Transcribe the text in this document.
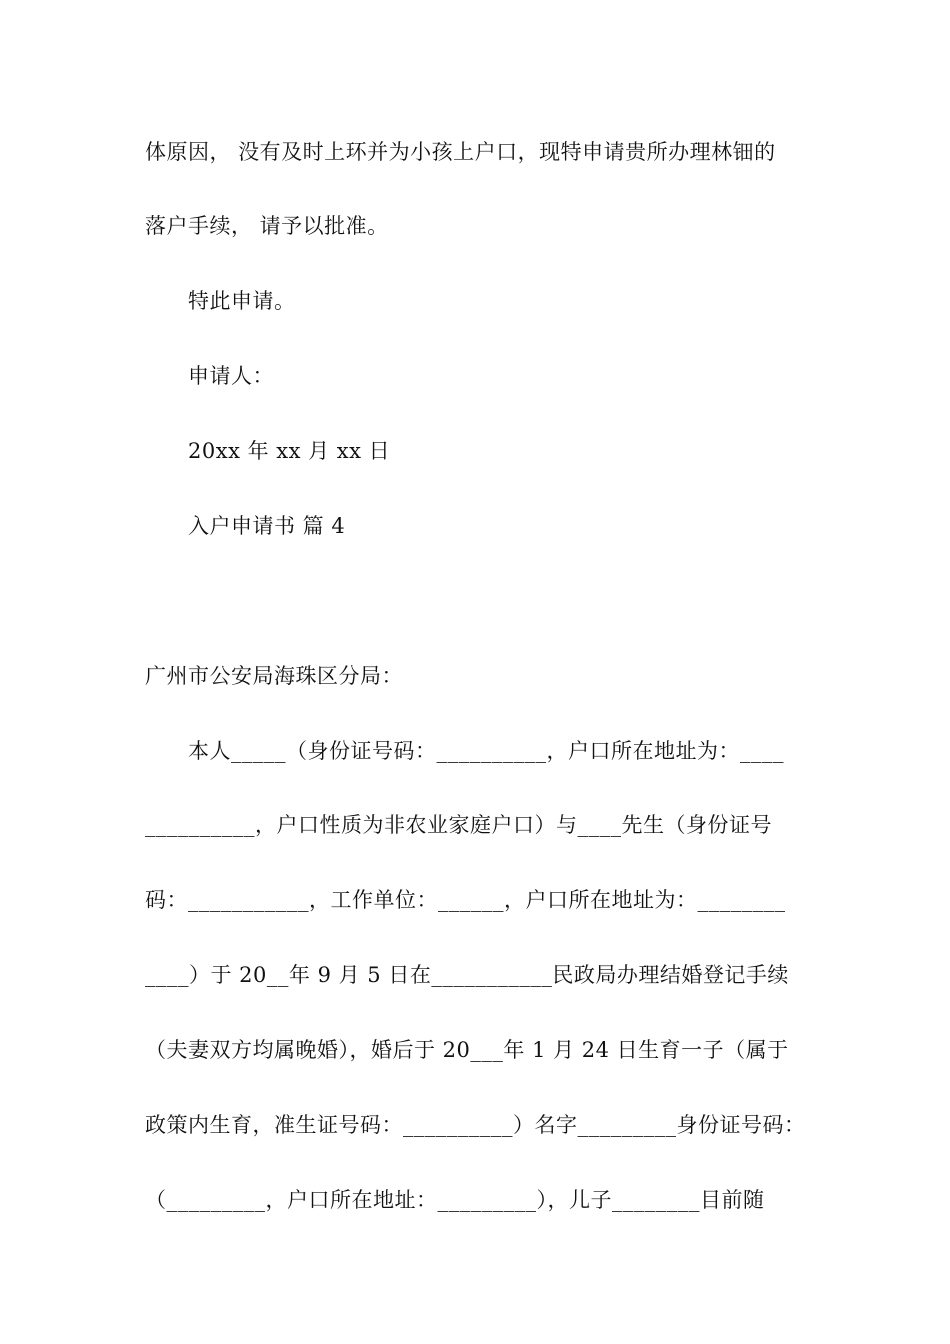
体原因， 没有及时上环并为小孩上户口，现特申请贵所办理林钿的
落户手续， 请予以批准。
特此申请。
申请人：
20xx 年 xx 月 xx 日
入户申请书 篇 4
广州市公安局海珠区分局：
本人_____（身份证号码：__________，户口所在地址为：____
__________，户口性质为非农业家庭户口）与____先生（身份证号
码：___________，工作单位：______，户口所在地址为：________
____）于 20__年 9 月 5 日在___________民政局办理结婚登记手续
（夫妻双方均属晚婚），婚后于 20___年 1 月 24 日生育一子（属于
政策内生育，准生证号码：__________）名字_________身份证号码：
（_________，户口所在地址：_________），儿子________目前随
